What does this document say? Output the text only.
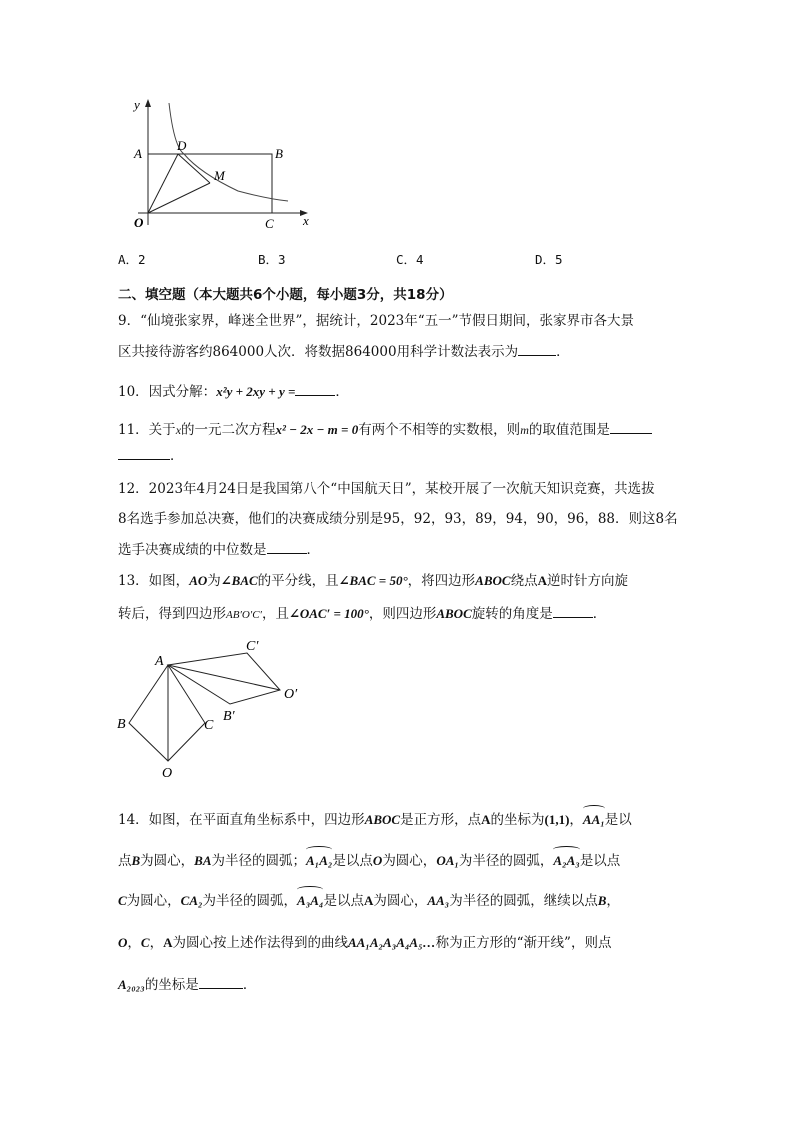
y
x
A
D
B
M
O	C
A．2	B．3	C．4	D．5
二、填空题（本大题共6个小题，每小题3分，共18分）
9．“仙境张家界，峰迷全世界”，据统计，2023年“五一”节假日期间，张家界市各大景
区共接待游客约864000人次．将数据864000用科学计数法表示为	．
10．因式分解：x²y + 2xy + y =	．
11．关于x的一元二次方程x² − 2x − m = 0有两个不相等的实数根，则m的取值范围是
．
12．2023年4月24日是我国第八个“中国航天日”，某校开展了一次航天知识竞赛，共选拔
8名选手参加总决赛，他们的决赛成绩分别是95，92，93，89，94，90，96，88．则这8名
选手决赛成绩的中位数是	．
13．如图，AO为∠BAC的平分线，且∠BAC = 50°，将四边形ABOC绕点A逆时针方向旋
转后，得到四边形AB′O′C′，且∠OAC′ = 100°，则四边形ABOC旋转的角度是	．
A
C′
O′
B′
B	C
O
14．如图，在平面直角坐标系中，四边形ABOC是正方形，点A的坐标为(1,1)，AA₁是以
点B为圆心，BA为半径的圆弧；A₁A₂是以点O为圆心，OA₁为半径的圆弧，A₂A₃是以点
C为圆心，CA₂为半径的圆弧，A₃A₄是以点A为圆心，AA₃为半径的圆弧，继续以点B，
O，C，A为圆心按上述作法得到的曲线AA₁A₂A₃A₄A₅…称为正方形的“渐开线”，则点
A₂₀₂₃的坐标是	．
